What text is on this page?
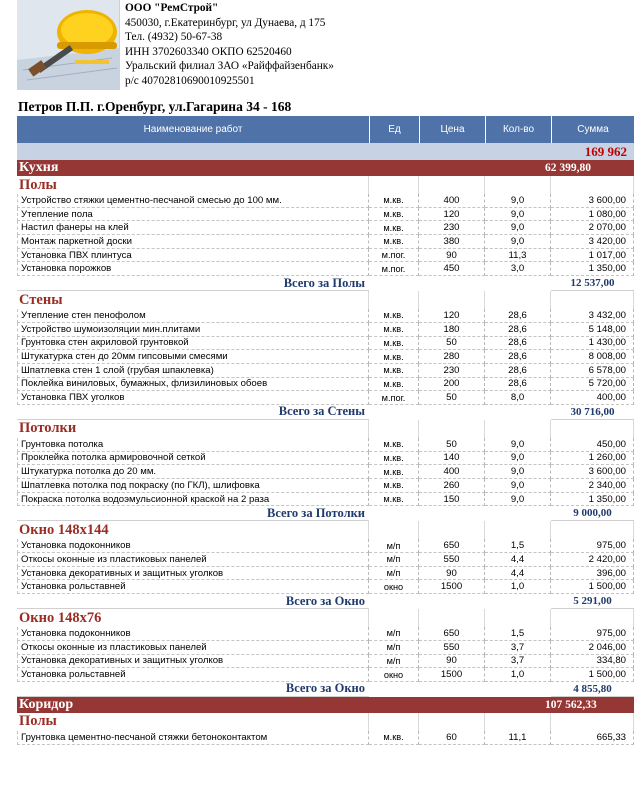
ООО "РемСтрой"
450030, г.Екатеринбург, ул Дунаева, д 175
Тел. (4932) 50-67-38
ИНН 3702603340 ОКПО 62520460
Уральский филиал ЗАО «Райффайзенбанк»
р/с 40702810690010925501
Петров П.П. г.Оренбург, ул.Гагарина 34 - 168
Наименование работ	Ед	Цена	Кол-во	Сумма
169 962
Кухня	62 399,80
Полы
Устройство стяжки цементно-песчаной смесью до 100 мм.	м.кв.	400	9,0	3 600,00
Утепление пола	м.кв.	120	9,0	1 080,00
Настил фанеры на клей	м.кв.	230	9,0	2 070,00
Монтаж паркетной доски	м.кв.	380	9,0	3 420,00
Установка ПВХ плинтуса	м.пог.	90	11,3	1 017,00
Установка порожков	м.пог.	450	3,0	1 350,00
Всего за Полы	12 537,00
Стены
Утепление стен пенофолом	м.кв.	120	28,6	3 432,00
Устройство шумоизоляции мин.плитами	м.кв.	180	28,6	5 148,00
Грунтовка стен акриловой грунтовкой	м.кв.	50	28,6	1 430,00
Штукатурка стен до 20мм гипсовыми смесями	м.кв.	280	28,6	8 008,00
Шпатлевка стен 1 слой (грубая шпаклевка)	м.кв.	230	28,6	6 578,00
Поклейка виниловых, бумажных, флизилиновых обоев	м.кв.	200	28,6	5 720,00
Установка ПВХ уголков	м.пог.	50	8,0	400,00
Всего за Стены	30 716,00
Потолки
Грунтовка потолка	м.кв.	50	9,0	450,00
Проклейка потолка армировочной сеткой	м.кв.	140	9,0	1 260,00
Штукатурка потолка до 20 мм.	м.кв.	400	9,0	3 600,00
Шпатлевка потолка под покраску (по ГКЛ), шлифовка	м.кв.	260	9,0	2 340,00
Покраска потолка водоэмульсионной краской на 2 раза	м.кв.	150	9,0	1 350,00
Всего за Потолки	9 000,00
Окно 148х144
Установка подоконников	м/п	650	1,5	975,00
Откосы оконные из пластиковых панелей	м/п	550	4,4	2 420,00
Установка декоративных и защитных уголков	м/п	90	4,4	396,00
Установка рольставней	окно	1500	1,0	1 500,00
Всего за Окно	5 291,00
Окно 148х76
Установка подоконников	м/п	650	1,5	975,00
Откосы оконные из пластиковых панелей	м/п	550	3,7	2 046,00
Установка декоративных и защитных уголков	м/п	90	3,7	334,80
Установка рольставней	окно	1500	1,0	1 500,00
Всего за Окно	4 855,80
Коридор	107 562,33
Полы
Грунтовка цементно-песчаной стяжки бетоноконтактом	м.кв.	60	11,1	665,33
